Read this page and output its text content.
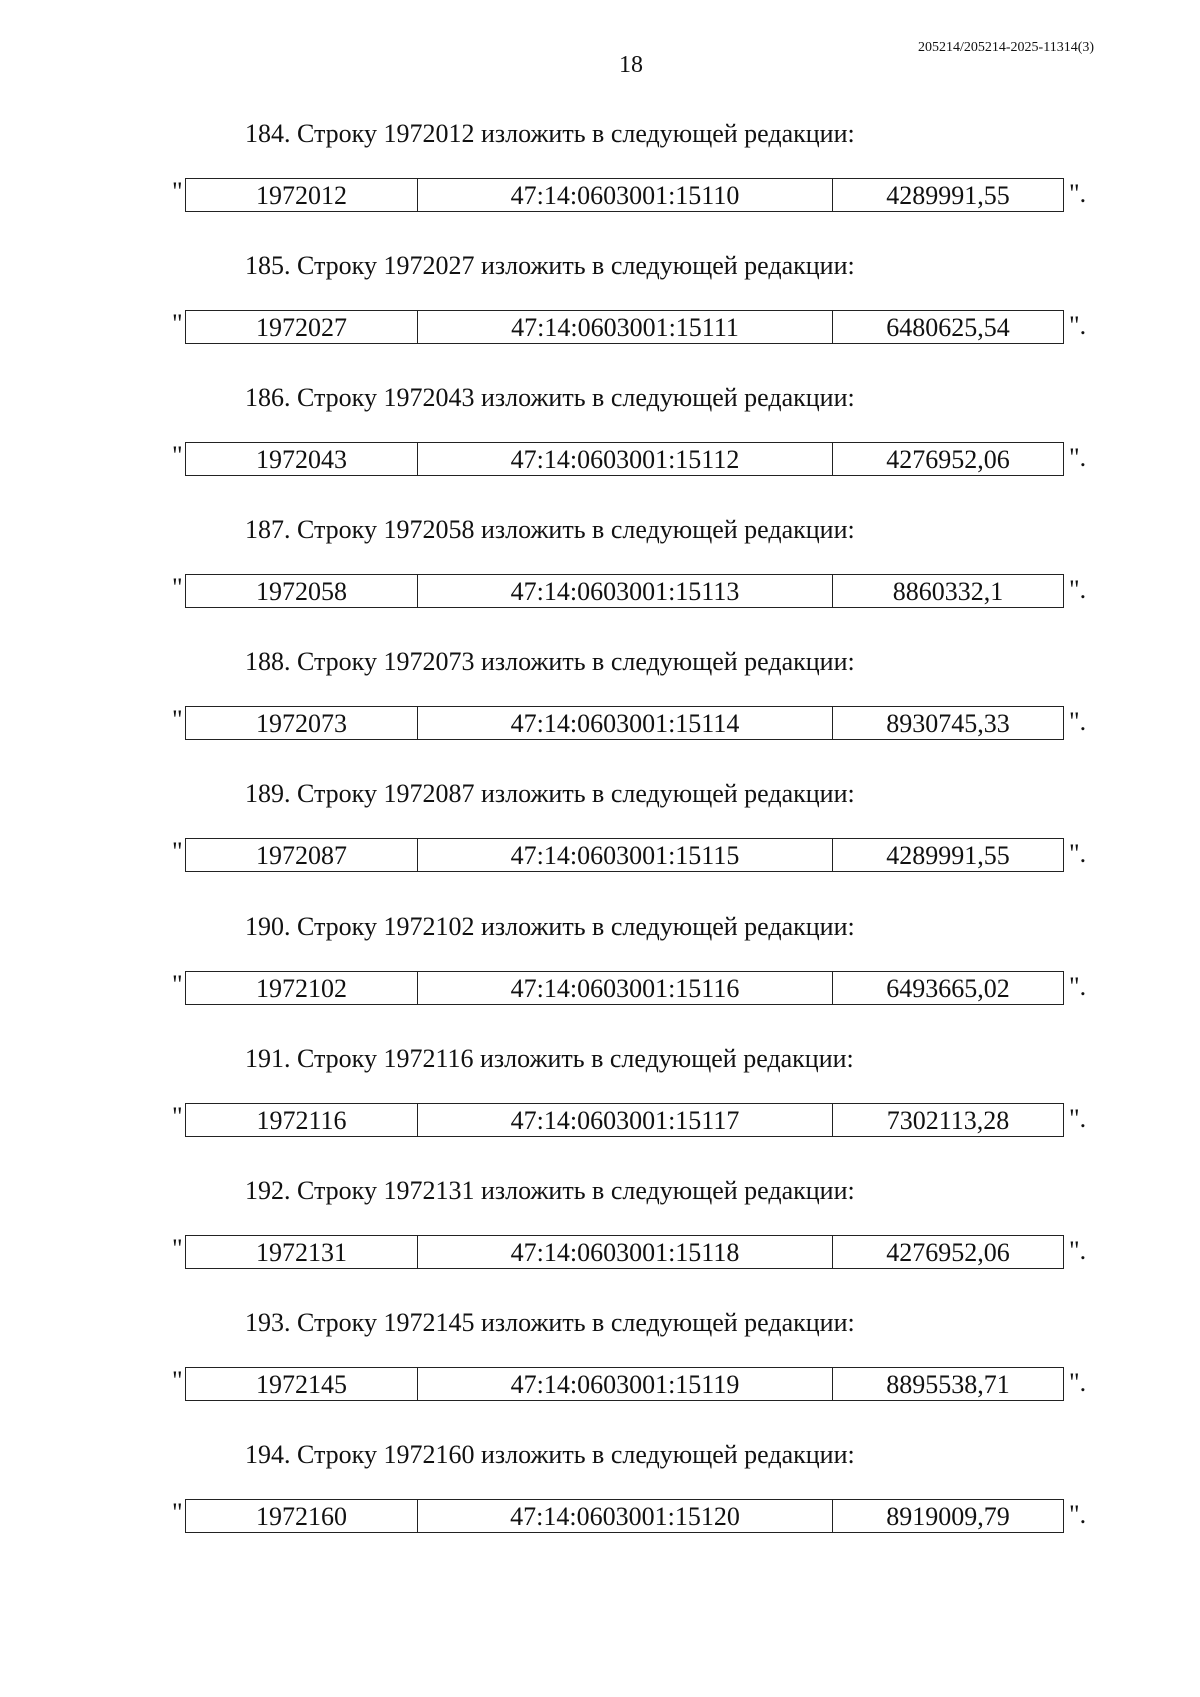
205214/205214-2025-11314(3)
18
184. Строку 1972012 изложить в следующей редакции:
"	1972012	47:14:0603001:15110	4289991,55 ".
185. Строку 1972027 изложить в следующей редакции:
"	1972027	47:14:0603001:15111	6480625,54 ".
186. Строку 1972043 изложить в следующей редакции:
"	1972043	47:14:0603001:15112	4276952,06 ".
187. Строку 1972058 изложить в следующей редакции:
"	1972058	47:14:0603001:15113	8860332,1	".
188. Строку 1972073 изложить в следующей редакции:
"	1972073	47:14:0603001:15114	8930745,33 ".
189. Строку 1972087 изложить в следующей редакции:
"	1972087	47:14:0603001:15115	4289991,55 ".
190. Строку 1972102 изложить в следующей редакции:
"	1972102	47:14:0603001:15116	6493665,02 ".
191. Строку 1972116 изложить в следующей редакции:
"	1972116	47:14:0603001:15117	7302113,28 ".
192. Строку 1972131 изложить в следующей редакции:
"	1972131	47:14:0603001:15118	4276952,06 ".
193. Строку 1972145 изложить в следующей редакции:
"	1972145	47:14:0603001:15119	8895538,71 ".
194. Строку 1972160 изложить в следующей редакции:
"	1972160	47:14:0603001:15120	8919009,79 ".
